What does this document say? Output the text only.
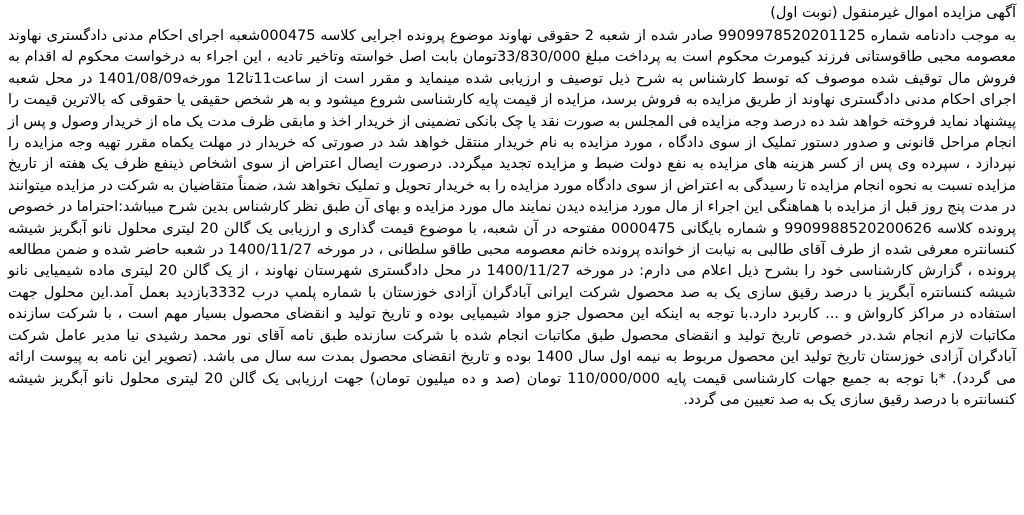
آگهی مزایده اموال غیرمنقول (نوبت اول)

به موجب دادنامه شماره 9909978520201125 صادر شده از شعبه 2 حقوقی نهاوند موضوع پرونده اجرایی کلاسه 000475شعبه اجرای احکام مدنی دادگستری نهاوند معصومه محبی طاقوستانی فرزند کیومرث محکوم است به پرداخت مبلغ 33/830/000تومان بابت اصل خواسته وتاخیر تادیه ، این اجراء به درخواست محکوم له اقدام به فروش مال توقیف شده موصوف که توسط کارشناس به شرح ذیل توصیف و ارزیابی شده مینماید و مقرر است از ساعت11تا12 مورخه1401/08/09 در محل شعبه اجرای احکام مدنی دادگستری نهاوند از طریق مزایده به فروش برسد، مزایده از قیمت پایه کارشناسی شروع میشود و به هر شخص حقیقی یا حقوقی که بالاترین قیمت را پیشنهاد نماید فروخته خواهد شد ده درصد وجه مزایده فی المجلس به صورت نقد یا چک بانکی تضمینی از خریدار اخذ و مابقی ظرف مدت یک ماه از خریدار وصول و پس از انجام مراحل قانونی و صدور دستور تملیک از سوی دادگاه ، مورد مزایده به نام خریدار منتقل خواهد شد در صورتی که خریدار در مهلت یکماه مقرر تهیه وجه مزایده را نپردازد ، سپرده وی پس از کسر هزینه های مزایده به نفع دولت ضبط و مزایده تجدید میگردد. درصورت ایصال اعتراض از سوی اشخاص ذینفع ظرف یک هفته از تاریخ مزایده نسبت به نحوه انجام مزایده تا رسیدگی به اعتراض از سوی دادگاه مورد مزایده را به خریدار تحویل و تملیک نخواهد شد، ضمناً متقاضیان به شرکت در مزایده میتوانند در مدت پنج روز قبل از مزایده با هماهنگی این اجراء از مال مورد مزایده دیدن نمایند مال مورد مزایده و بهای آن طبق نظر کارشناس بدین شرح میباشد:احتراما در خصوص پرونده کلاسه 9909988520200626 و شماره بایگانی 0000475 مفتوحه در آن شعبه، با موضوع قیمت گذاری و ارزیابی یک گالن 20 لیتری محلول نانو آبگریز شیشه کنسانتره معرفی شده از طرف آقای طالبی به نیابت از خوانده پرونده خانم معصومه محبی طاقو سلطانی ، در مورخه 1400/11/27 در شعبه حاضر شده و ضمن مطالعه پرونده ، گزارش کارشناسی خود را بشرح ذیل اعلام می دارم: در مورخه 1400/11/27 در محل دادگستری شهرستان نهاوند ، از یک گالن 20 لیتری ماده شیمیایی نانو شیشه کنسانتره آبگریز با درصد رقیق سازی یک به صد محصول شرکت ایرانی آبادگران آزادی خوزستان با شماره پلمپ درب 3332بازدید بعمل آمد.این محلول جهت استفاده در مراکز کارواش و ... کاربرد دارد.با توجه به اینکه این محصول جزو مواد شیمیایی بوده و تاریخ تولید و انقضای محصول بسیار مهم است ، با شرکت سازنده مکاتبات لازم انجام شد.در خصوص تاریخ تولید و انقضای محصول طبق مکاتبات انجام شده با شرکت سازنده طبق نامه آقای نور محمد رشیدی نیا مدیر عامل شرکت آبادگران آزادی خوزستان تاریخ تولید این محصول مربوط به نیمه اول سال 1400 بوده و تاریخ انقضای محصول بمدت سه سال می باشد. (تصویر این نامه به پیوست ارائه می گردد). *با توجه به جمیع جهات کارشناسی قیمت پایه 110/000/000 تومان (صد و ده میلیون تومان) جهت ارزیابی یک گالن 20 لیتری محلول نانو آبگریز شیشه کنسانتره با درصد رقیق سازی یک به صد تعیین می گردد.
